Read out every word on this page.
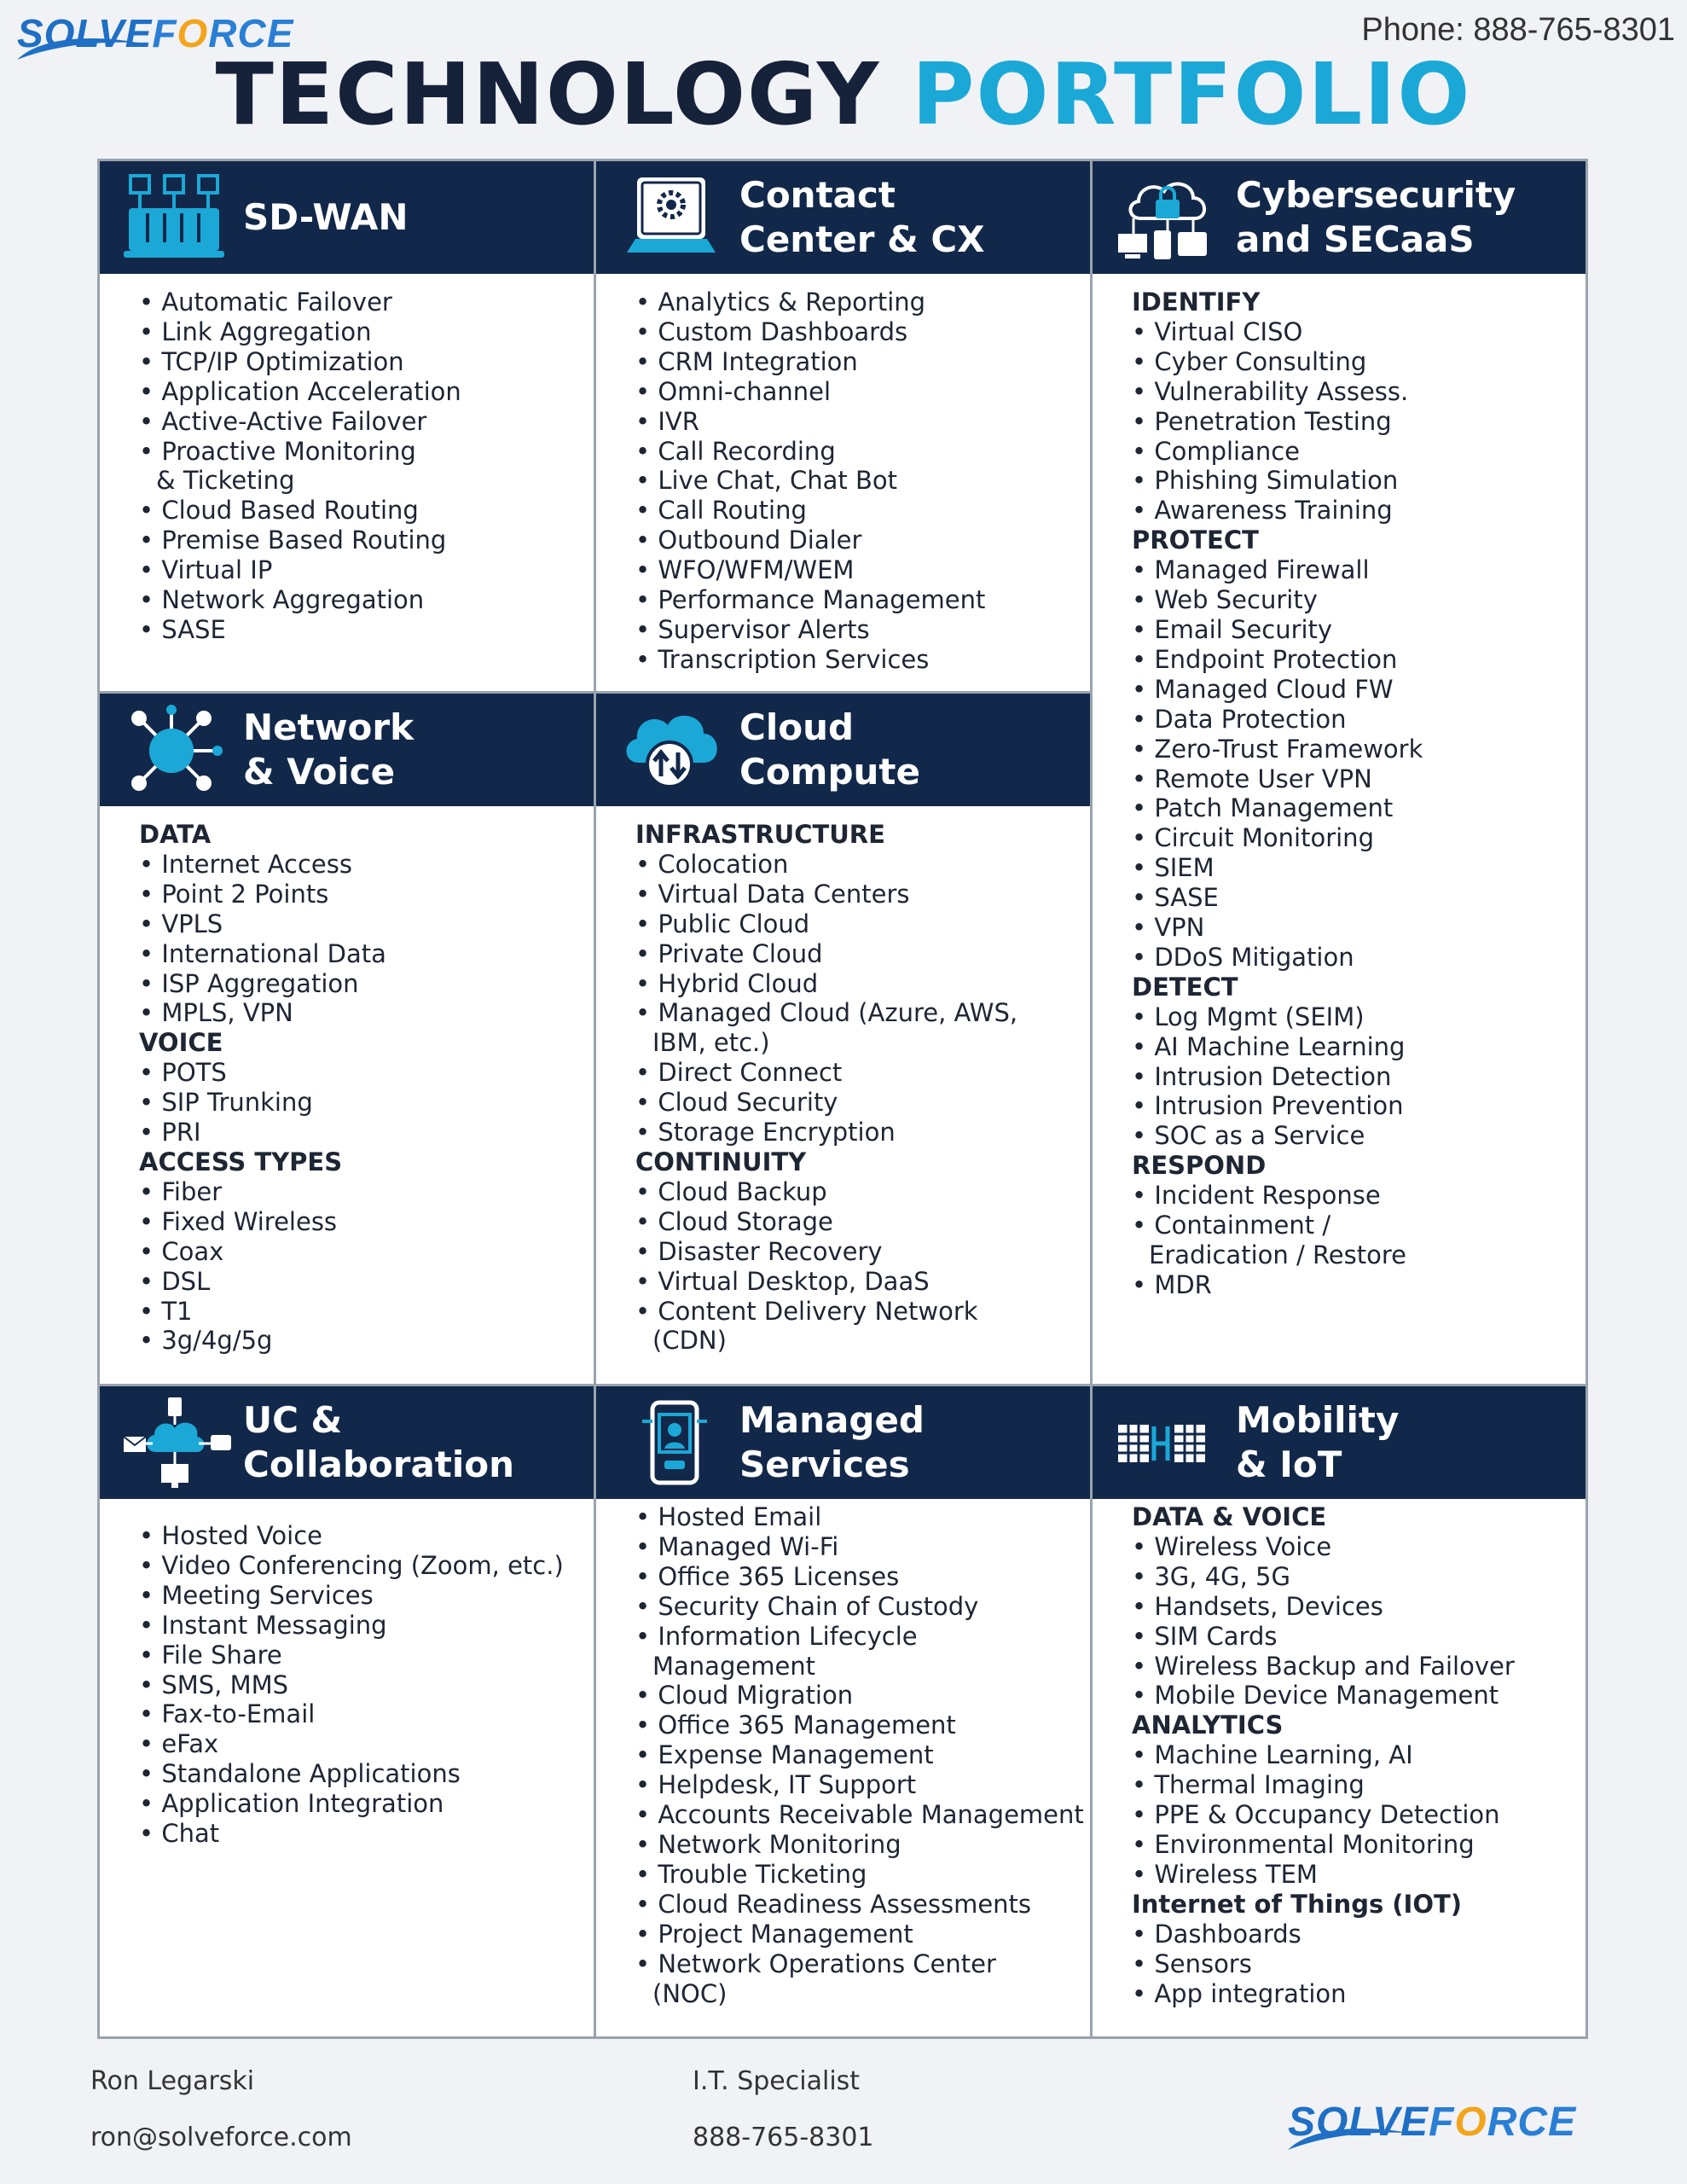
SOLVEFORCE	Phone: 888-765-8301
TECHNOLOGY PORTFOLIO
SD-WAN
• Automatic Failover
• Link Aggregation
• TCP/IP Optimization
• Application Acceleration
• Active-Active Failover
• Proactive Monitoring
& Ticketing
• Cloud Based Routing
• Premise Based Routing
• Virtual IP
• Network Aggregation
• SASE
Contact
Center & CX
• Analytics & Reporting
• Custom Dashboards
• CRM Integration
• Omni-channel
• IVR
• Call Recording
• Live Chat, Chat Bot
• Call Routing
• Outbound Dialer
• WFO/WFM/WEM
• Performance Management
• Supervisor Alerts
• Transcription Services
Cybersecurity
and SECaaS
IDENTIFY
• Virtual CISO
• Cyber Consulting
• Vulnerability Assess.
• Penetration Testing
• Compliance
• Phishing Simulation
• Awareness Training
PROTECT
• Managed Firewall
• Web Security
• Email Security
• Endpoint Protection
• Managed Cloud FW
• Data Protection
• Zero-Trust Framework
• Remote User VPN
• Patch Management
• Circuit Monitoring
• SIEM
• SASE
• VPN
• DDoS Mitigation
DETECT
• Log Mgmt (SEIM)
• AI Machine Learning
• Intrusion Detection
• Intrusion Prevention
• SOC as a Service
RESPOND
• Incident Response
• Containment /
Eradication / Restore
• MDR
Network
& Voice
DATA
• Internet Access
• Point 2 Points
• VPLS
• International Data
• ISP Aggregation
• MPLS, VPN
VOICE
• POTS
• SIP Trunking
• PRI
ACCESS TYPES
• Fiber
• Fixed Wireless
• Coax
• DSL
• T1
• 3g/4g/5g
Cloud
Compute
INFRASTRUCTURE
• Colocation
• Virtual Data Centers
• Public Cloud
• Private Cloud
• Hybrid Cloud
• Managed Cloud (Azure, AWS,
IBM, etc.)
• Direct Connect
• Cloud Security
• Storage Encryption
CONTINUITY
• Cloud Backup
• Cloud Storage
• Disaster Recovery
• Virtual Desktop, DaaS
• Content Delivery Network
(CDN)
UC &
Collaboration
• Hosted Voice
• Video Conferencing (Zoom, etc.)
• Meeting Services
• Instant Messaging
• File Share
• SMS, MMS
• Fax-to-Email
• eFax
• Standalone Applications
• Application Integration
• Chat
Managed
Services
• Hosted Email
• Managed Wi-Fi
• Office 365 Licenses
• Security Chain of Custody
• Information Lifecycle
Management
• Cloud Migration
• Office 365 Management
• Expense Management
• Helpdesk, IT Support
• Accounts Receivable Management
• Network Monitoring
• Trouble Ticketing
• Cloud Readiness Assessments
• Project Management
• Network Operations Center
(NOC)
Mobility
& IoT
DATA & VOICE
• Wireless Voice
• 3G, 4G, 5G
• Handsets, Devices
• SIM Cards
• Wireless Backup and Failover
• Mobile Device Management
ANALYTICS
• Machine Learning, AI
• Thermal Imaging
• PPE & Occupancy Detection
• Environmental Monitoring
• Wireless TEM
Internet of Things (IOT)
• Dashboards
• Sensors
• App integration
Ron Legarski
ron@solveforce.com
I.T. Specialist
888-765-8301	SOLVEFORCE
